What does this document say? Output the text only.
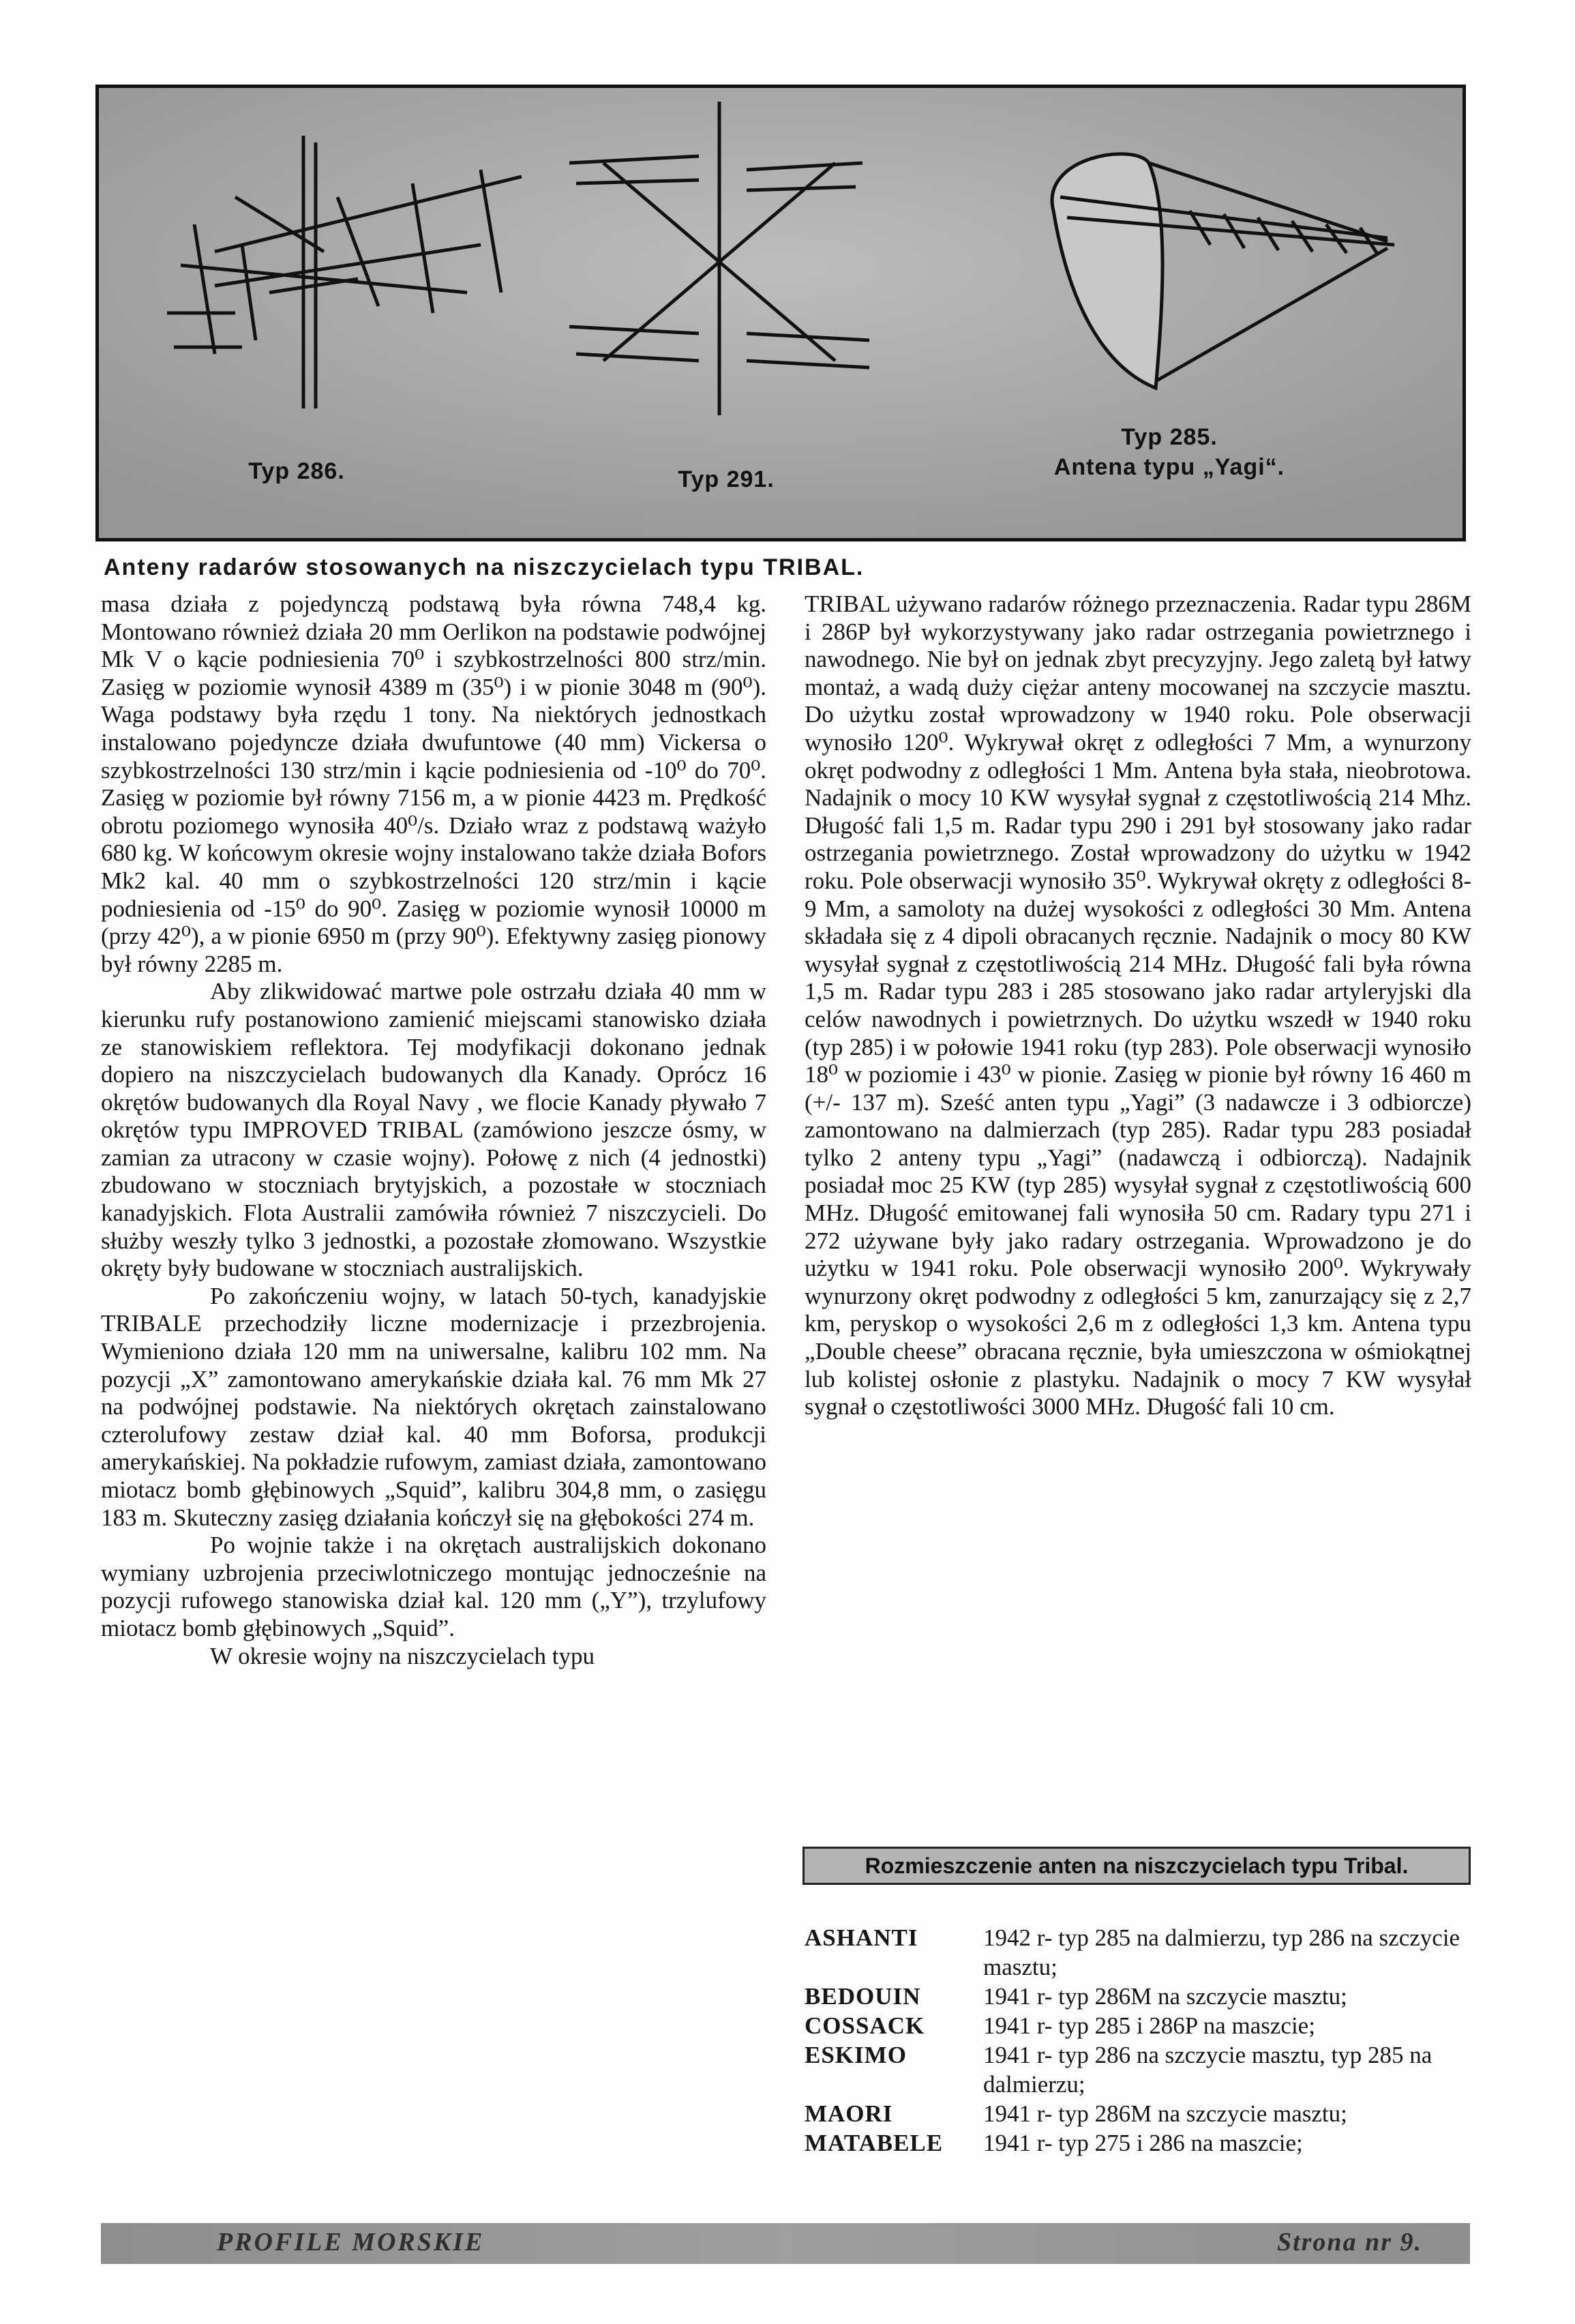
Typ 286.	Typ 291.
Typ 285.
Antena typu „Yagi“.
Anteny radarów stosowanych na niszczycielach typu TRIBAL.

masa działa z pojedynczą podstawą była równa 748,4 kg. Montowano również działa 20 mm Oerlikon na podstawie podwójnej Mk V o kącie podniesienia 70⁰ i szybkostrzelności 800 strz/min. Zasięg w poziomie wynosił 4389 m (35⁰) i w pionie 3048 m (90⁰). Waga podstawy była rzędu 1 tony. Na niektórych jednostkach instalowano pojedyncze działa dwufuntowe (40 mm) Vickersa o szybkostrzelności 130 strz/min i kącie podniesienia od -10⁰ do 70⁰. Zasięg w poziomie był równy 7156 m, a w pionie 4423 m. Prędkość obrotu poziomego wynosiła 40⁰/s. Działo wraz z podstawą ważyło 680 kg. W końcowym okresie wojny instalowano także działa Bofors Mk2 kal. 40 mm o szybkostrzelności 120 strz/min i kącie podniesienia od -15⁰ do 90⁰. Zasięg w poziomie wynosił 10000 m (przy 42⁰), a w pionie 6950 m (przy 90⁰). Efektywny zasięg pionowy był równy 2285 m.

Aby zlikwidować martwe pole ostrzału działa 40 mm w kierunku rufy postanowiono zamienić miejscami stanowisko działa ze stanowiskiem reflektora. Tej modyfikacji dokonano jednak dopiero na niszczycielach budowanych dla Kanady. Oprócz 16 okrętów budowanych dla Royal Navy , we flocie Kanady pływało 7 okrętów typu IMPROVED TRIBAL (zamówiono jeszcze ósmy, w zamian za utracony w czasie wojny). Połowę z nich (4 jednostki) zbudowano w stoczniach brytyjskich, a pozostałe w stoczniach kanadyjskich. Flota Australii zamówiła również 7 niszczycieli. Do służby weszły tylko 3 jednostki, a pozostałe złomowano. Wszystkie okręty były budowane w stoczniach australijskich.

Po zakończeniu wojny, w latach 50-tych, kanadyjskie TRIBALE przechodziły liczne modernizacje i przezbrojenia. Wymieniono działa 120 mm na uniwersalne, kalibru 102 mm. Na pozycji „X” zamontowano amerykańskie działa kal. 76 mm Mk 27 na podwójnej podstawie. Na niektórych okrętach zainstalowano czterolufowy zestaw dział kal. 40 mm Boforsa, produkcji amerykańskiej. Na pokładzie rufowym, zamiast działa, zamontowano miotacz bomb głębinowych „Squid”, kalibru 304,8 mm, o zasięgu 183 m. Skuteczny zasięg działania kończył się na głębokości 274 m.

Po wojnie także i na okrętach australijskich dokonano wymiany uzbrojenia przeciwlotniczego montując jednocześnie na pozycji rufowego stanowiska dział kal. 120 mm („Y”), trzylufowy miotacz bomb głębinowych „Squid”.

W okresie wojny na niszczycielach typu

TRIBAL używano radarów różnego przeznaczenia. Radar typu 286M i 286P był wykorzystywany jako radar ostrzegania powietrznego i nawodnego. Nie był on jednak zbyt precyzyjny. Jego zaletą był łatwy montaż, a wadą duży ciężar anteny mocowanej na szczycie masztu. Do użytku został wprowadzony w 1940 roku. Pole obserwacji wynosiło 120⁰. Wykrywał okręt z odległości 7 Mm, a wynurzony okręt podwodny z odległości 1 Mm. Antena była stała, nieobrotowa. Nadajnik o mocy 10 KW wysyłał sygnał z częstotliwością 214 Mhz. Długość fali 1,5 m. Radar typu 290 i 291 był stosowany jako radar ostrzegania powietrznego. Został wprowadzony do użytku w 1942 roku. Pole obserwacji wynosiło 35⁰. Wykrywał okręty z odległości 8-9 Mm, a samoloty na dużej wysokości z odległości 30 Mm. Antena składała się z 4 dipoli obracanych ręcznie. Nadajnik o mocy 80 KW wysyłał sygnał z częstotliwością 214 MHz. Długość fali była równa 1,5 m. Radar typu 283 i 285 stosowano jako radar artyleryjski dla celów nawodnych i powietrznych. Do użytku wszedł w 1940 roku (typ 285) i w połowie 1941 roku (typ 283). Pole obserwacji wynosiło 18⁰ w poziomie i 43⁰ w pionie. Zasięg w pionie był równy 16 460 m (+/- 137 m). Sześć anten typu „Yagi” (3 nadawcze i 3 odbiorcze) zamontowano na dalmierzach (typ 285). Radar typu 283 posiadał tylko 2 anteny typu „Yagi” (nadawczą i odbiorczą). Nadajnik posiadał moc 25 KW (typ 285) wysyłał sygnał z częstotliwością 600 MHz. Długość emitowanej fali wynosiła 50 cm. Radary typu 271 i 272 używane były jako radary ostrzegania. Wprowadzono je do użytku w 1941 roku. Pole obserwacji wynosiło 200⁰. Wykrywały wynurzony okręt podwodny z odległości 5 km, zanurzający się z 2,7 km, peryskop o wysokości 2,6 m z odległości 1,3 km. Antena typu „Double cheese” obracana ręcznie, była umieszczona w ośmiokątnej lub kolistej osłonie z plastyku. Nadajnik o mocy 7 KW wysyłał sygnał o częstotliwości 3000 MHz. Długość fali 10 cm.

Rozmieszczenie anten na niszczycielach typu Tribal.
ASHANTI	1942 r- typ 285 na dalmierzu, typ 286 na szczycie masztu;
BEDOUIN	1941 r- typ 286M na szczycie masztu;
COSSACK	1941 r- typ 285 i 286P na maszcie;
ESKIMO	1941 r- typ 286 na szczycie masztu, typ 285 na dalmierzu;
MAORI	1941 r- typ 286M na szczycie masztu;
MATABELE	1941 r- typ 275 i 286 na maszcie;
PROFILE MORSKIE	Strona nr 9.
